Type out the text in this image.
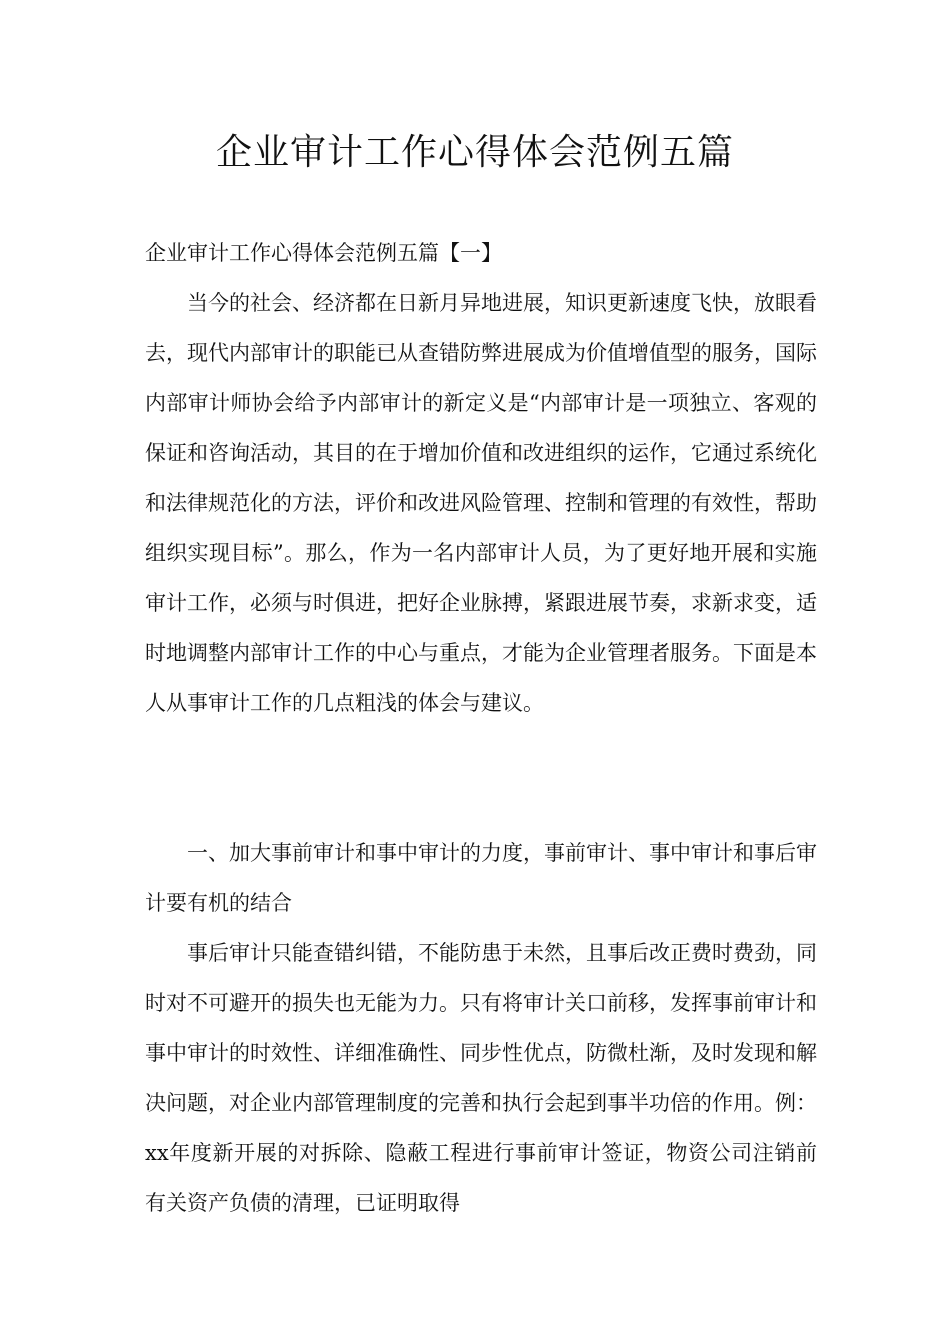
企业审计工作心得体会范例五篇

企业审计工作心得体会范例五篇【一】

当今的社会、经济都在日新月异地进展，知识更新速度飞快，放眼看去，现代内部审计的职能已从查错防弊进展成为价值增值型的服务，国际内部审计师协会给予内部审计的新定义是“内部审计是一项独立、客观的保证和咨询活动，其目的在于增加价值和改进组织的运作，它通过系统化和法律规范化的方法，评价和改进风险管理、控制和管理的有效性，帮助组织实现目标”。那么，作为一名内部审计人员，为了更好地开展和实施审计工作，必须与时俱进，把好企业脉搏，紧跟进展节奏，求新求变，适时地调整内部审计工作的中心与重点，才能为企业管理者服务。下面是本人从事审计工作的几点粗浅的体会与建议。

一、加大事前审计和事中审计的力度，事前审计、事中审计和事后审计要有机的结合

事后审计只能查错纠错，不能防患于未然，且事后改正费时费劲，同时对不可避开的损失也无能为力。只有将审计关口前移，发挥事前审计和事中审计的时效性、详细准确性、同步性优点，防微杜渐，及时发现和解决问题，对企业内部管理制度的完善和执行会起到事半功倍的作用。例：xx年度新开展的对拆除、隐蔽工程进行事前审计签证，物资公司注销前有关资产负债的清理，已证明取得
